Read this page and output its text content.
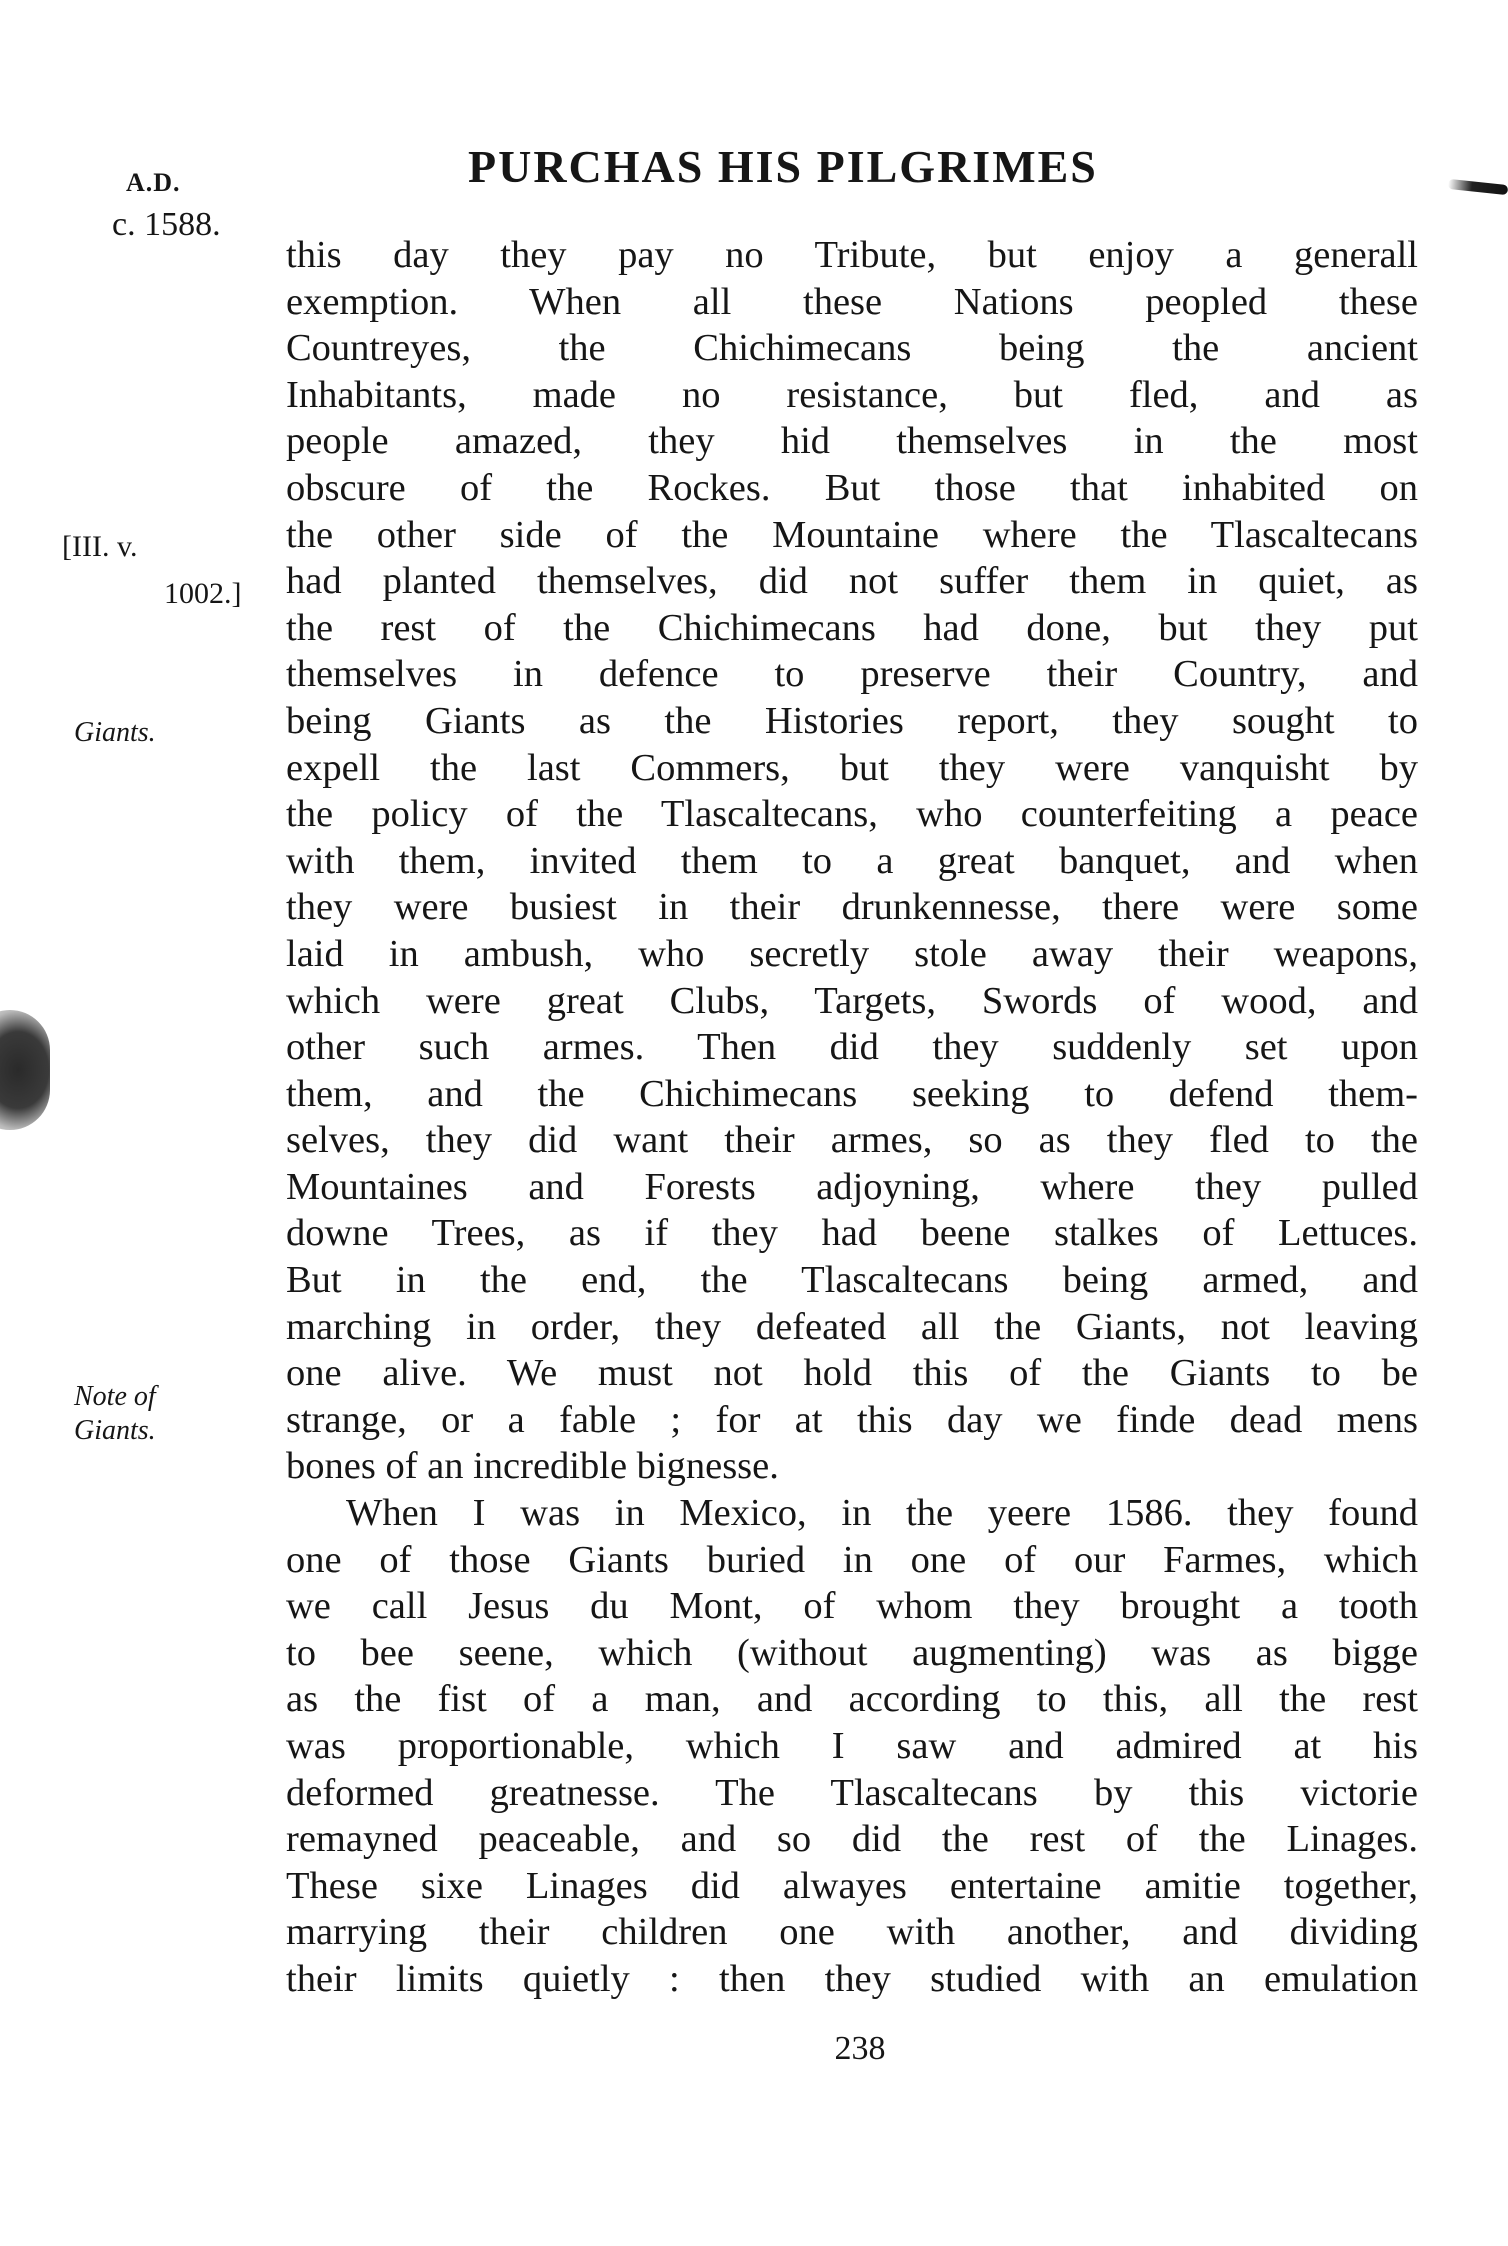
A.D.
c. 1588.
PURCHAS HIS PILGRIMES
[III. v.
1002.]
Giants.
Note of
Giants.
this day they pay no Tribute, but enjoy a generall
exemption. When all these Nations peopled these
Countreyes, the Chichimecans being the ancient
Inhabitants, made no resistance, but fled, and as
people amazed, they hid themselves in the most
obscure of the Rockes. But those that inhabited on
the other side of the Mountaine where the Tlascaltecans
had planted themselves, did not suffer them in quiet, as
the rest of the Chichimecans had done, but they put
themselves in defence to preserve their Country, and
being Giants as the Histories report, they sought to
expell the last Commers, but they were vanquisht by
the policy of the Tlascaltecans, who counterfeiting a peace
with them, invited them to a great banquet, and when
they were busiest in their drunkennesse, there were some
laid in ambush, who secretly stole away their weapons,
which were great Clubs, Targets, Swords of wood, and
other such armes. Then did they suddenly set upon
them, and the Chichimecans seeking to defend them-
selves, they did want their armes, so as they fled to the
Mountaines and Forests adjoyning, where they pulled
downe Trees, as if they had beene stalkes of Lettuces.
But in the end, the Tlascaltecans being armed, and
marching in order, they defeated all the Giants, not leaving
one alive. We must not hold this of the Giants to be
strange, or a fable ; for at this day we finde dead mens
bones of an incredible bignesse.
When I was in Mexico, in the yeere 1586. they found
one of those Giants buried in one of our Farmes, which
we call Jesus du Mont, of whom they brought a tooth
to bee seene, which (without augmenting) was as bigge
as the fist of a man, and according to this, all the rest
was proportionable, which I saw and admired at his
deformed greatnesse. The Tlascaltecans by this victorie
remayned peaceable, and so did the rest of the Linages.
These sixe Linages did alwayes entertaine amitie together,
marrying their children one with another, and dividing
their limits quietly : then they studied with an emulation
238
